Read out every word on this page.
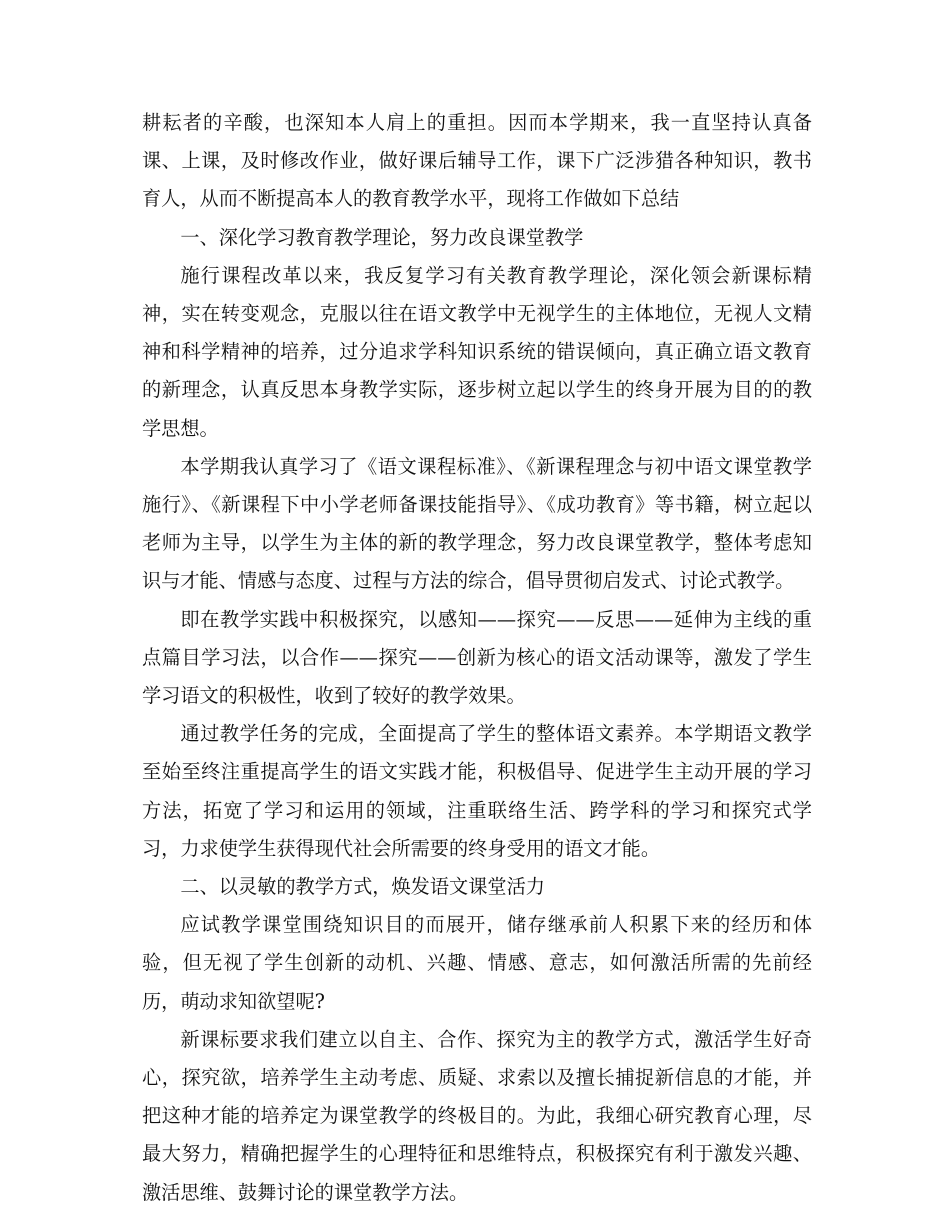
耕耘者的辛酸，也深知本人肩上的重担。因而本学期来，我一直坚持认真备课、上课，及时修改作业，做好课后辅导工作，课下广泛涉猎各种知识，教书育人，从而不断提高本人的教育教学水平，现将工作做如下总结

一、深化学习教育教学理论，努力改良课堂教学

施行课程改革以来，我反复学习有关教育教学理论，深化领会新课标精神，实在转变观念，克服以往在语文教学中无视学生的主体地位，无视人文精神和科学精神的培养，过分追求学科知识系统的错误倾向，真正确立语文教育的新理念，认真反思本身教学实际，逐步树立起以学生的终身开展为目的的教学思想。

本学期我认真学习了《语文课程标准》、《新课程理念与初中语文课堂教学施行》、《新课程下中小学老师备课技能指导》、《成功教育》等书籍，树立起以老师为主导，以学生为主体的新的教学理念，努力改良课堂教学，整体考虑知识与才能、情感与态度、过程与方法的综合，倡导贯彻启发式、讨论式教学。

即在教学实践中积极探究，以感知——探究——反思——延伸为主线的重点篇目学习法，以合作——探究——创新为核心的语文活动课等，激发了学生学习语文的积极性，收到了较好的教学效果。

通过教学任务的完成，全面提高了学生的整体语文素养。本学期语文教学至始至终注重提高学生的语文实践才能，积极倡导、促进学生主动开展的学习方法，拓宽了学习和运用的领域，注重联络生活、跨学科的学习和探究式学习，力求使学生获得现代社会所需要的终身受用的语文才能。

二、以灵敏的教学方式，焕发语文课堂活力

应试教学课堂围绕知识目的而展开，储存继承前人积累下来的经历和体验，但无视了学生创新的动机、兴趣、情感、意志，如何激活所需的先前经历，萌动求知欲望呢?

新课标要求我们建立以自主、合作、探究为主的教学方式，激活学生好奇心，探究欲，培养学生主动考虑、质疑、求索以及擅长捕捉新信息的才能，并把这种才能的培养定为课堂教学的终极目的。为此，我细心研究教育心理，尽最大努力，精确把握学生的心理特征和思维特点，积极探究有利于激发兴趣、激活思维、鼓舞讨论的课堂教学方法。
